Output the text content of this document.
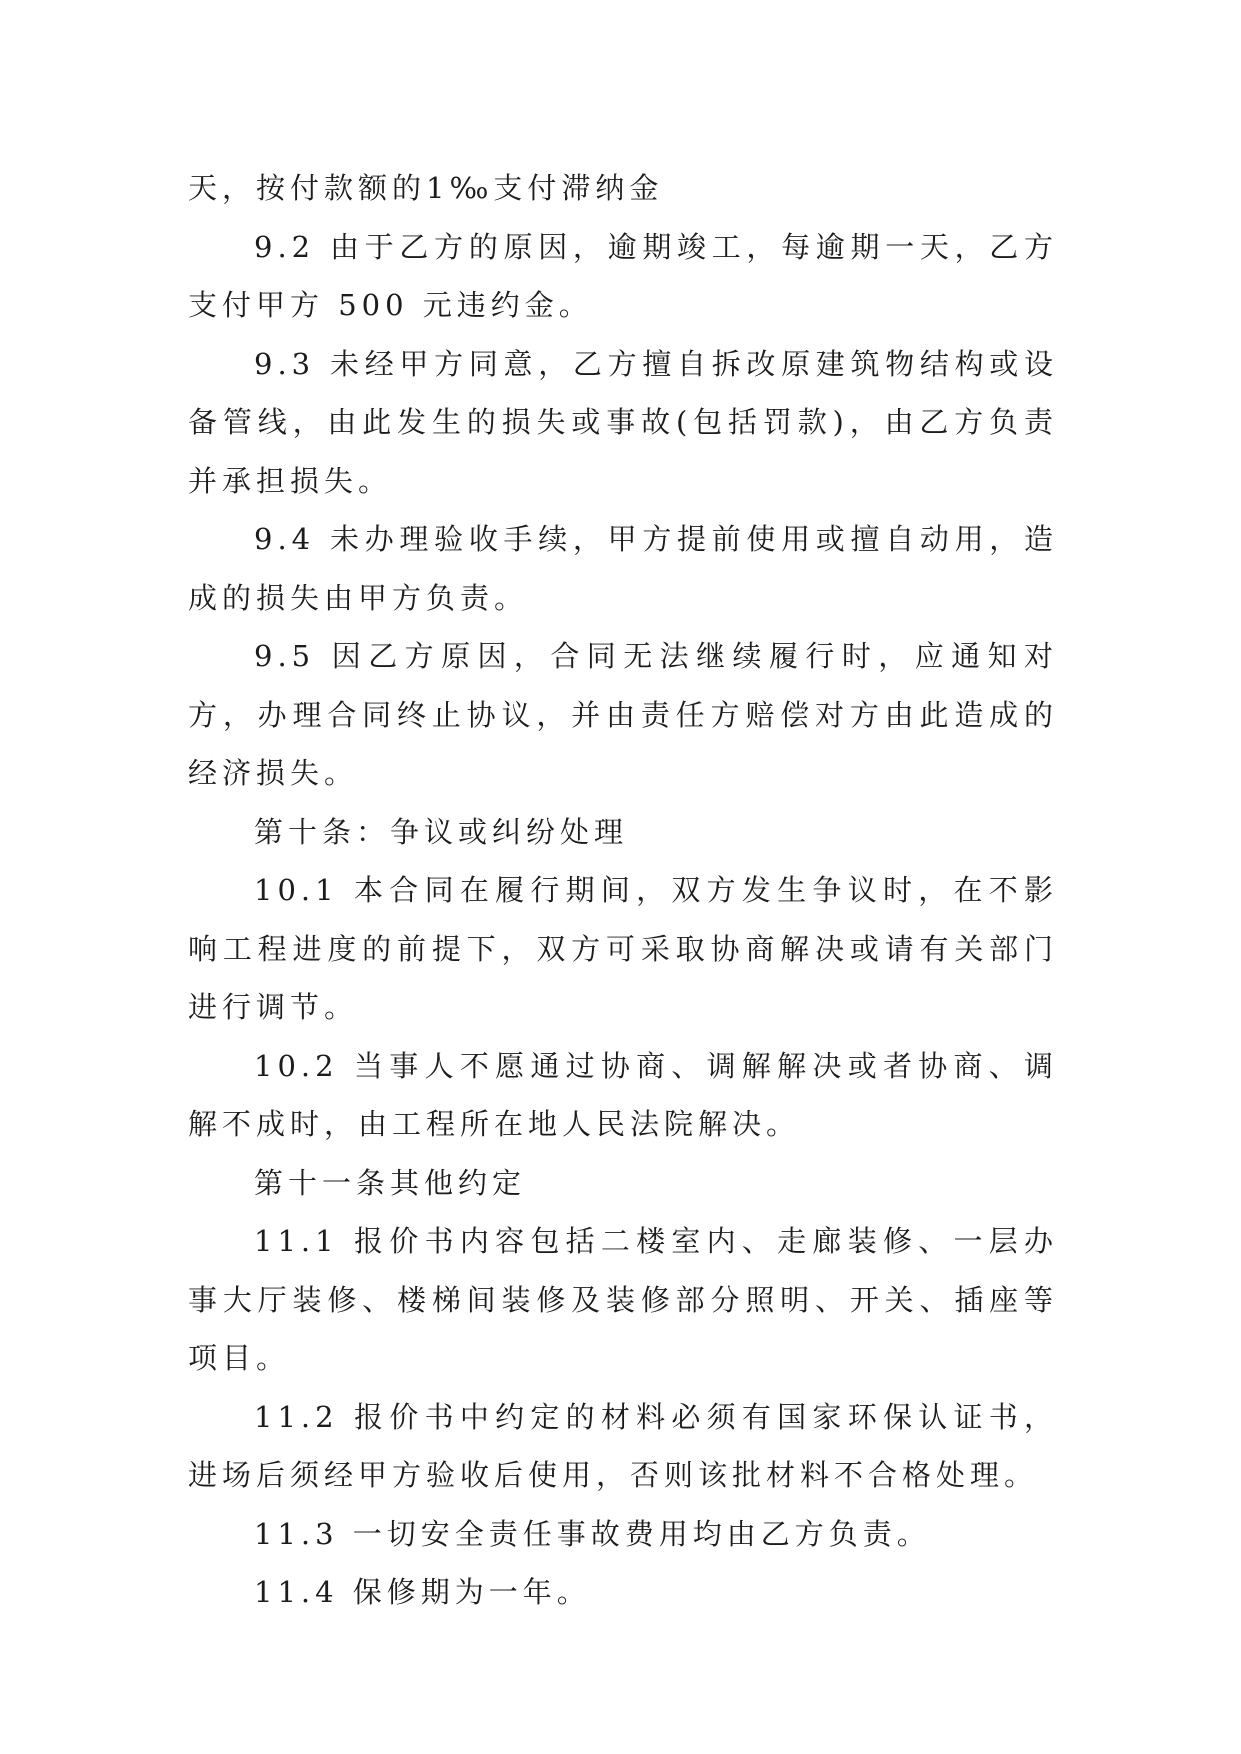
天，按付款额的1‰支付滞纳金

9.2 由于乙方的原因，逾期竣工，每逾期一天，乙方支付甲方 500 元违约金。

9.3 未经甲方同意，乙方擅自拆改原建筑物结构或设备管线，由此发生的损失或事故(包括罚款)，由乙方负责并承担损失。

9.4 未办理验收手续，甲方提前使用或擅自动用，造成的损失由甲方负责。

9.5 因乙方原因，合同无法继续履行时，应通知对方，办理合同终止协议，并由责任方赔偿对方由此造成的经济损失。

第十条：争议或纠纷处理

10.1 本合同在履行期间，双方发生争议时，在不影响工程进度的前提下，双方可采取协商解决或请有关部门进行调节。

10.2 当事人不愿通过协商、调解解决或者协商、调解不成时，由工程所在地人民法院解决。

第十一条其他约定

11.1 报价书内容包括二楼室内、走廊装修、一层办事大厅装修、楼梯间装修及装修部分照明、开关、插座等项目。

11.2 报价书中约定的材料必须有国家环保认证书，进场后须经甲方验收后使用，否则该批材料不合格处理。

11.3 一切安全责任事故费用均由乙方负责。

11.4 保修期为一年。
